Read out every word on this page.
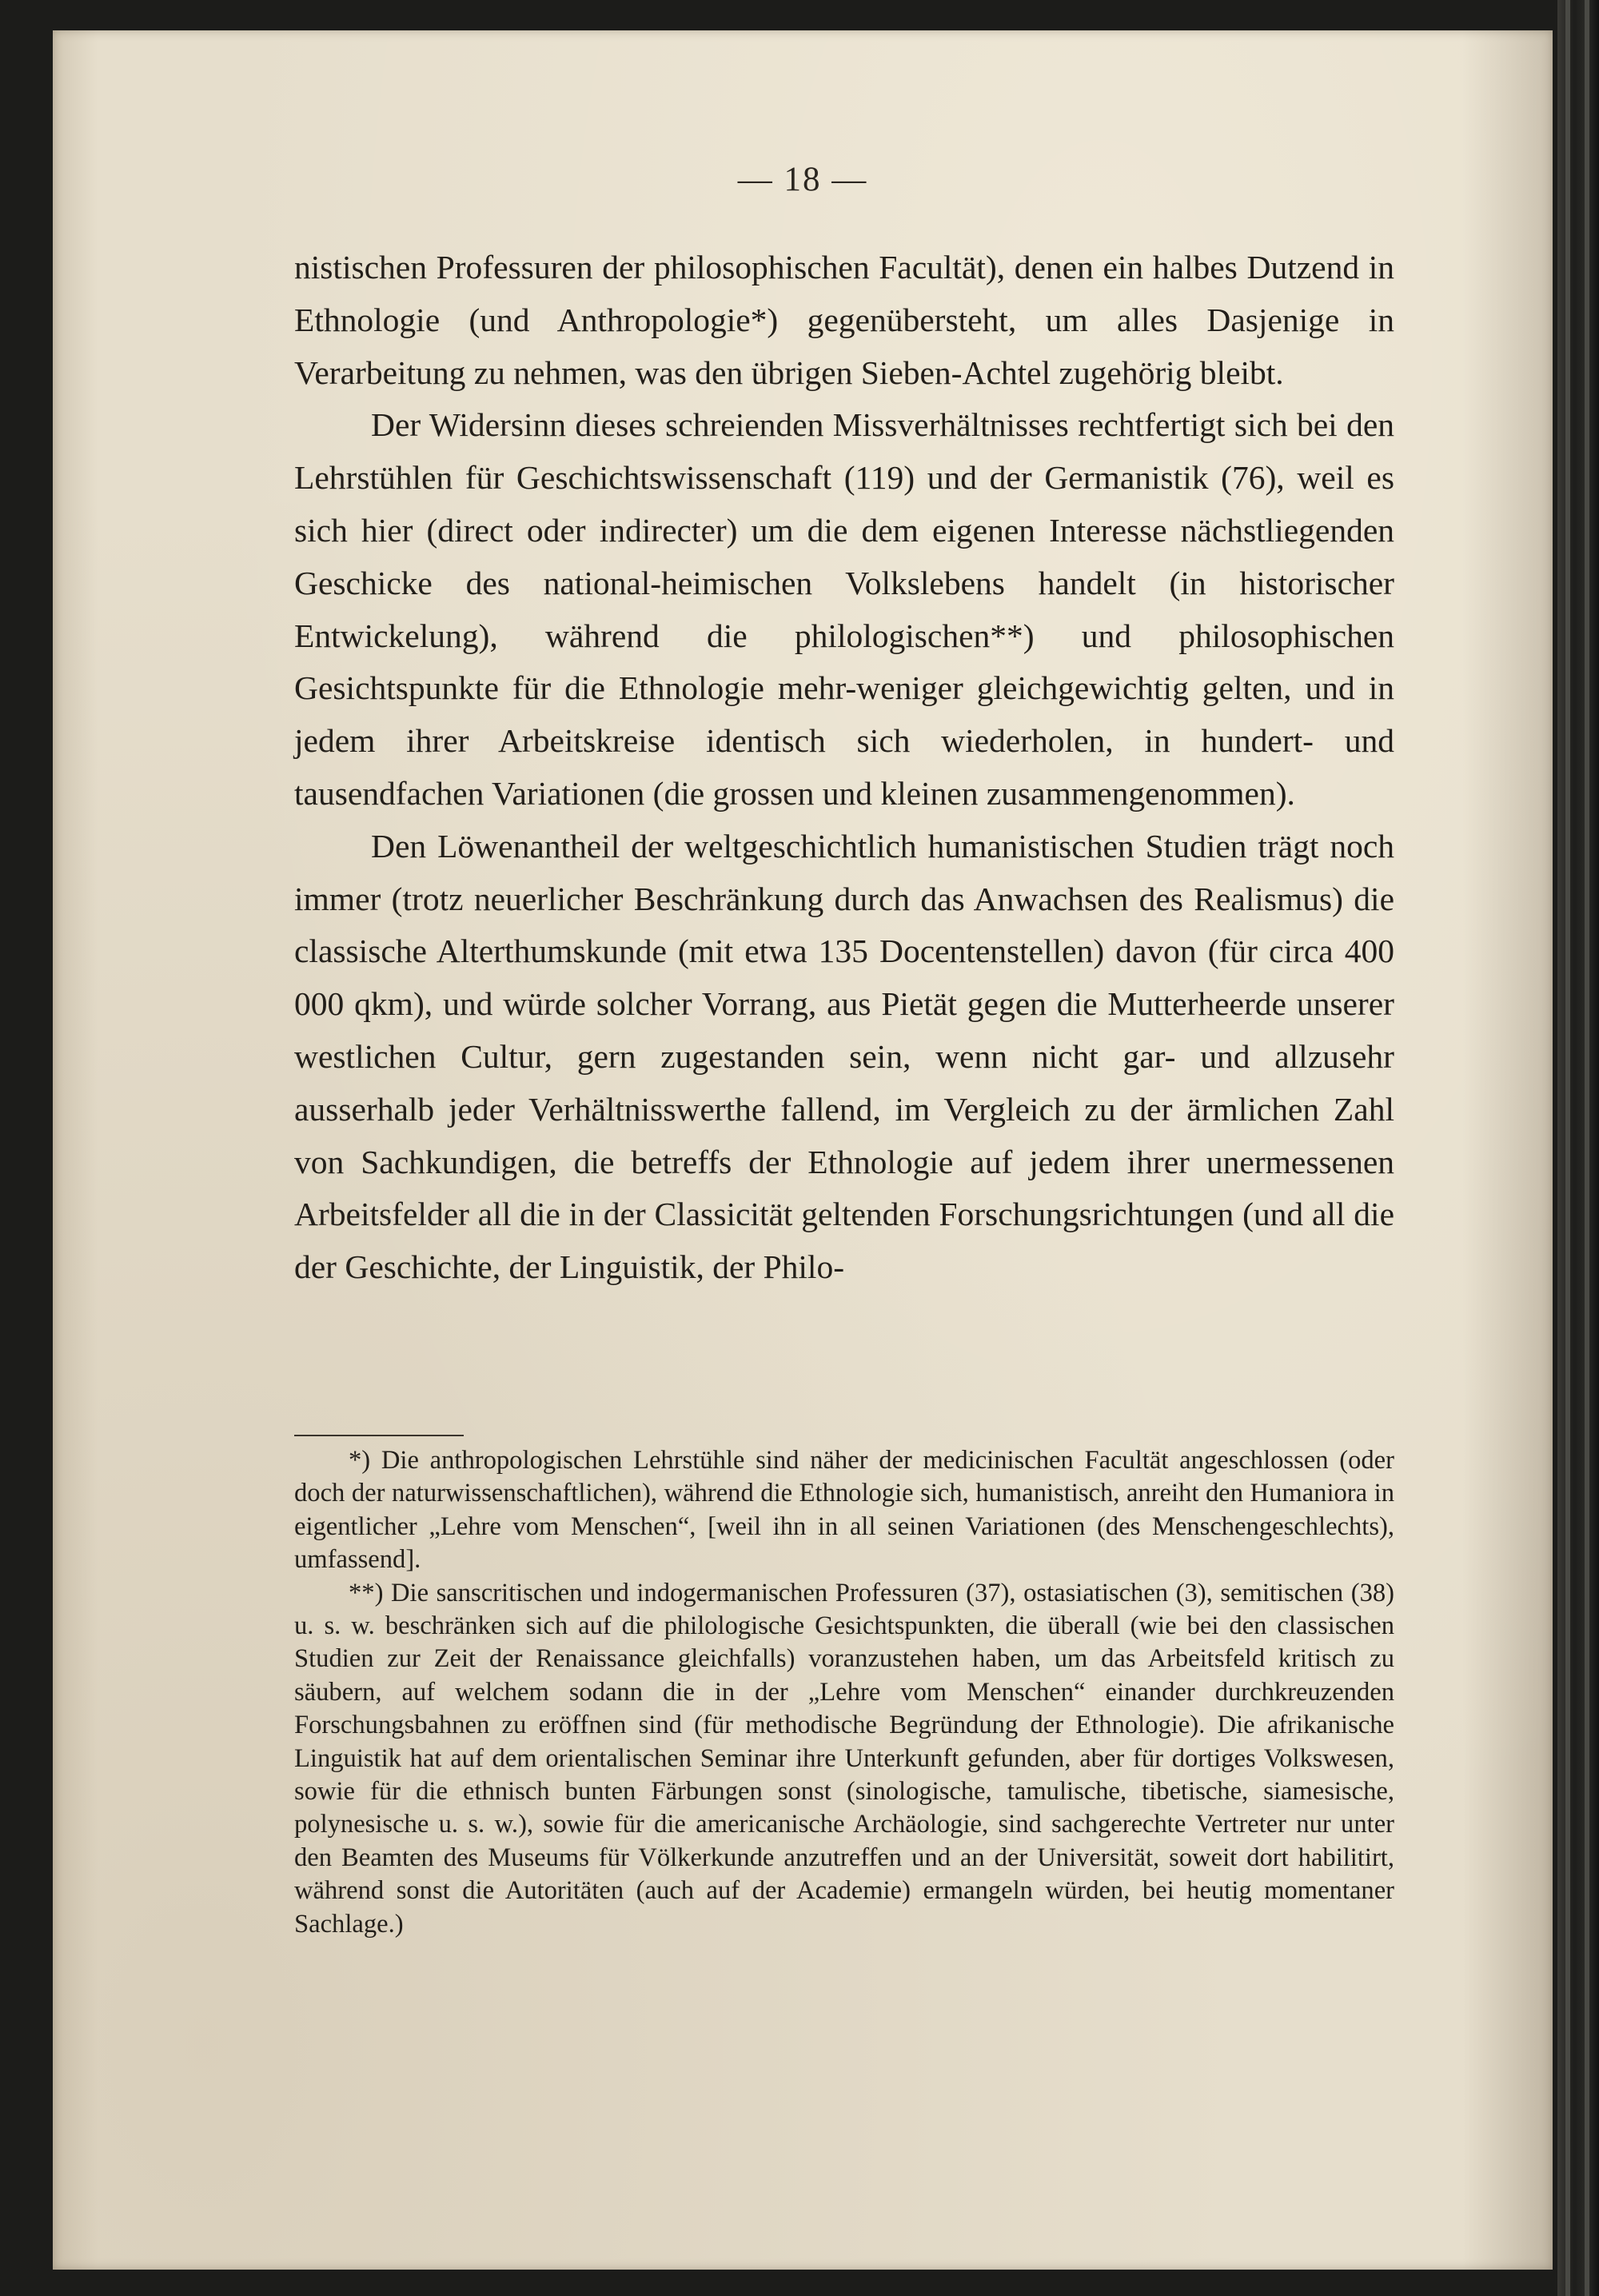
— 18 —

nistischen Professuren der philosophischen Facultät), denen ein halbes Dutzend in Ethnologie (und Anthropologie*) gegenübersteht, um alles Dasjenige in Verarbeitung zu nehmen, was den übrigen Sieben-Achtel zugehörig bleibt.

Der Widersinn dieses schreienden Missverhältnisses rechtfertigt sich bei den Lehrstühlen für Geschichtswissenschaft (119) und der Germanistik (76), weil es sich hier (direct oder indirecter) um die dem eigenen Interesse nächstliegenden Geschicke des national-heimischen Volkslebens handelt (in historischer Entwickelung), während die philologischen**) und philosophischen Gesichtspunkte für die Ethnologie mehr-weniger gleichgewichtig gelten, und in jedem ihrer Arbeitskreise identisch sich wiederholen, in hundert- und tausendfachen Variationen (die grossen und kleinen zusammengenommen).

Den Löwenantheil der weltgeschichtlich humanistischen Studien trägt noch immer (trotz neuerlicher Beschränkung durch das Anwachsen des Realismus) die classische Alterthumskunde (mit etwa 135 Docentenstellen) davon (für circa 400 000 qkm), und würde solcher Vorrang, aus Pietät gegen die Mutterheerde unserer westlichen Cultur, gern zugestanden sein, wenn nicht gar- und allzusehr ausserhalb jeder Verhältnisswerthe fallend, im Vergleich zu der ärmlichen Zahl von Sachkundigen, die betreffs der Ethnologie auf jedem ihrer unermessenen Arbeitsfelder all die in der Classicität geltenden Forschungsrichtungen (und all die der Geschichte, der Linguistik, der Philo-

*) Die anthropologischen Lehrstühle sind näher der medicinischen Facultät angeschlossen (oder doch der naturwissenschaftlichen), während die Ethnologie sich, humanistisch, anreiht den Humaniora in eigentlicher „Lehre vom Menschen“, [weil ihn in all seinen Variationen (des Menschengeschlechts), umfassend].

**) Die sanscritischen und indogermanischen Professuren (37), ostasiatischen (3), semitischen (38) u. s. w. beschränken sich auf die philologische Gesichtspunkten, die überall (wie bei den classischen Studien zur Zeit der Renaissance gleichfalls) voranzustehen haben, um das Arbeitsfeld kritisch zu säubern, auf welchem sodann die in der „Lehre vom Menschen“ einander durchkreuzenden Forschungsbahnen zu eröffnen sind (für methodische Begründung der Ethnologie). Die afrikanische Linguistik hat auf dem orientalischen Seminar ihre Unterkunft gefunden, aber für dortiges Volkswesen, sowie für die ethnisch bunten Färbungen sonst (sinologische, tamulische, tibetische, siamesische, polynesische u. s. w.), sowie für die americanische Archäologie, sind sachgerechte Vertreter nur unter den Beamten des Museums für Völkerkunde anzutreffen und an der Universität, soweit dort habilitirt, während sonst die Autoritäten (auch auf der Academie) ermangeln würden, bei heutig momentaner Sachlage.)
